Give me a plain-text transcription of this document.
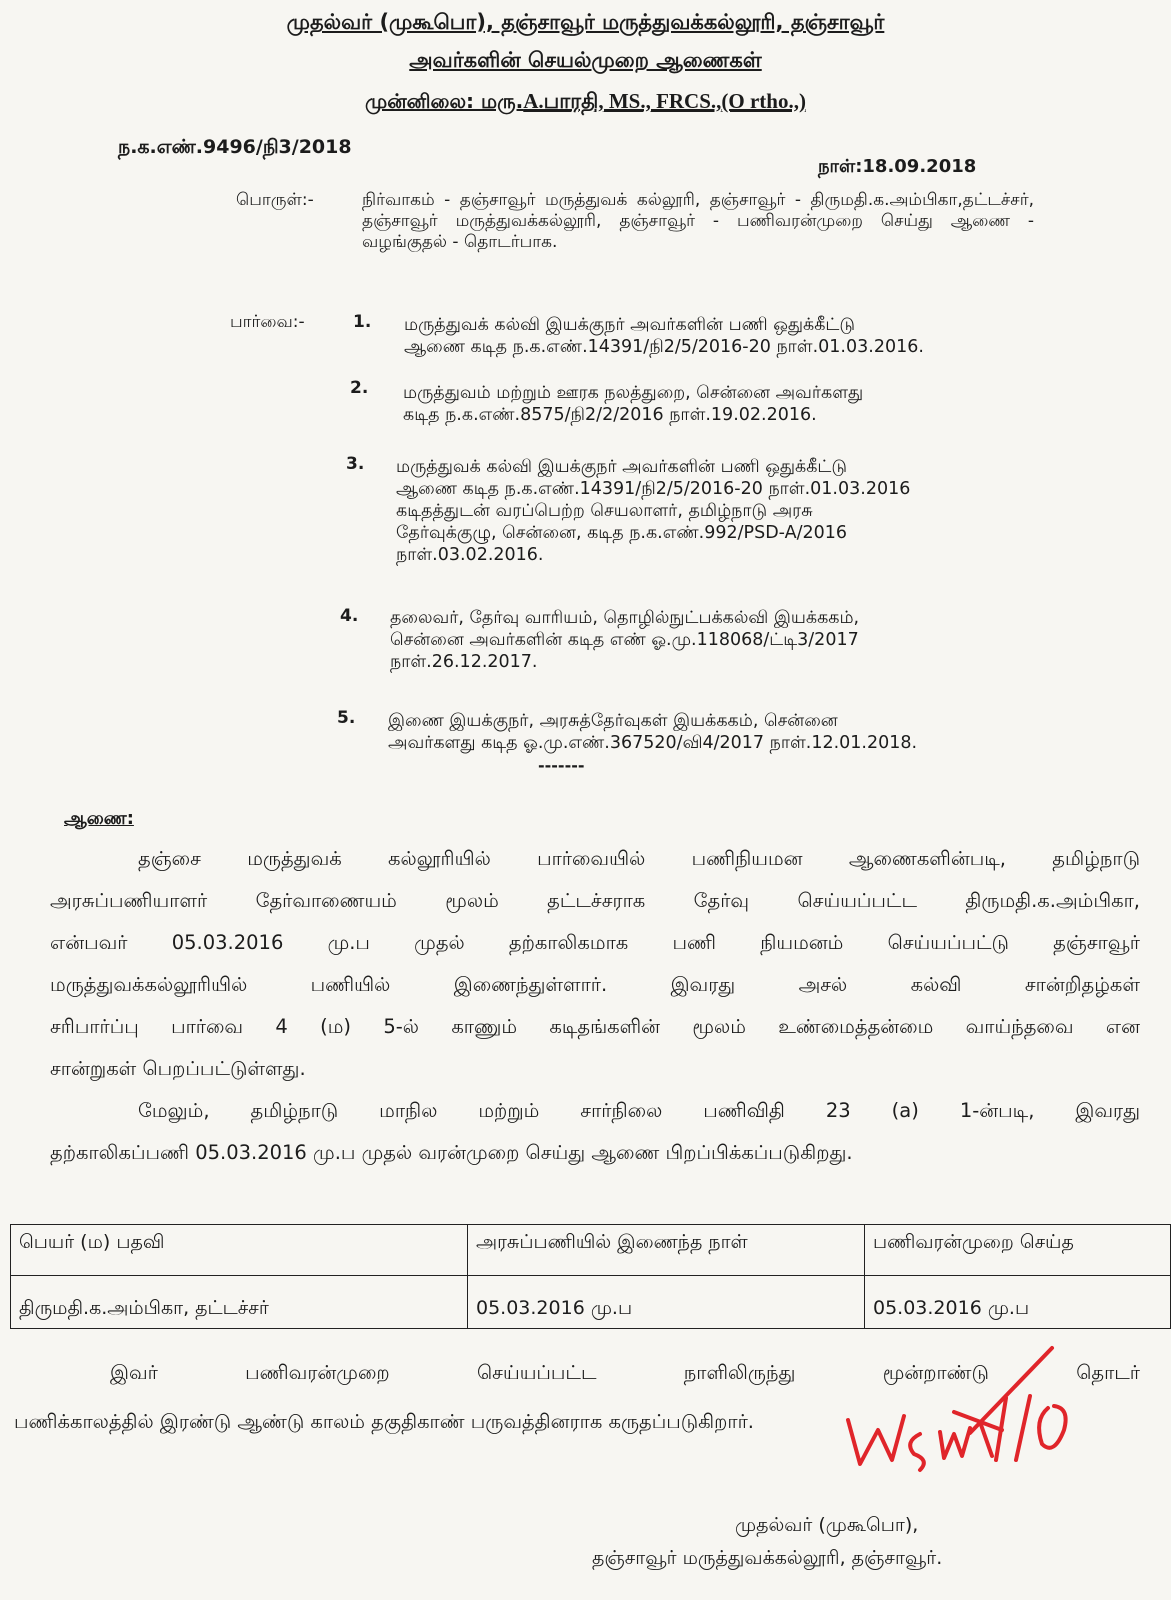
முதல்வர் (முகூபொ), தஞ்சாவூர் மருத்துவக்கல்லூரி, தஞ்சாவூர்
அவர்களின் செயல்முறை ஆணைகள்
முன்னிலை: மரு.A.பாரதி, MS., FRCS.,(O rtho.,)
ந.க.எண்.9496/நி3/2018
நாள்:18.09.2018
பொருள்:-	நிர்வாகம் - தஞ்சாவூர் மருத்துவக் கல்லூரி, தஞ்சாவூர் - திருமதி.க.அம்பிகா,தட்டச்சர், தஞ்சாவூர் மருத்துவக்கல்லூரி, தஞ்சாவூர் - பணிவரன்முறை செய்து ஆணை - வழங்குதல் - தொடர்பாக.
பார்வை:-	1. மருத்துவக் கல்வி இயக்குநர் அவர்களின் பணி ஒதுக்கீட்டு
ஆணை கடித ந.க.எண்.14391/நி2/5/2016-20 நாள்.01.03.2016.
2. மருத்துவம் மற்றும் ஊரக நலத்துறை, சென்னை அவர்களது
கடித ந.க.எண்.8575/நி2/2/2016 நாள்.19.02.2016.
3. மருத்துவக் கல்வி இயக்குநர் அவர்களின் பணி ஒதுக்கீட்டு
ஆணை கடித ந.க.எண்.14391/நி2/5/2016-20 நாள்.01.03.2016
கடிதத்துடன் வரப்பெற்ற செயலாளர், தமிழ்நாடு அரசு
தேர்வுக்குழு, சென்னை, கடித ந.க.எண்.992/PSD-A/2016
நாள்.03.02.2016.
4. தலைவர், தேர்வு வாரியம், தொழில்நுட்பக்கல்வி இயக்ககம்,
சென்னை அவர்களின் கடித எண் ஓ.மு.118068/ட்டி3/2017
நாள்.26.12.2017.
5. இணை இயக்குநர், அரசுத்தேர்வுகள் இயக்ககம், சென்னை
அவர்களது கடித ஓ.மு.எண்.367520/வி4/2017 நாள்.12.01.2018.
-------
ஆணை:

தஞ்சை மருத்துவக் கல்லூரியில் பார்வையில் பணிநியமன ஆணைகளின்படி, தமிழ்நாடு

அரசுப்பணியாளர் தேர்வாணையம் மூலம் தட்டச்சராக தேர்வு செய்யப்பட்ட திருமதி.க.அம்பிகா,

என்பவர் 05.03.2016 மு.ப முதல் தற்காலிகமாக பணி நியமனம் செய்யப்பட்டு தஞ்சாவூர்

மருத்துவக்கல்லூரியில் பணியில் இணைந்துள்ளார். இவரது அசல் கல்வி சான்றிதழ்கள்

சரிபார்ப்பு பார்வை 4 (ம) 5-ல் காணும் கடிதங்களின் மூலம் உண்மைத்தன்மை வாய்ந்தவை என

சான்றுகள் பெறப்பட்டுள்ளது.

மேலும், தமிழ்நாடு மாநில மற்றும் சார்நிலை பணிவிதி 23 (a) 1-ன்படி, இவரது

தற்காலிகப்பணி 05.03.2016 மு.ப முதல் வரன்முறை செய்து ஆணை பிறப்பிக்கப்படுகிறது.

பெயர் (ம) பதவி	அரசுப்பணியில் இணைந்த நாள்	பணிவரன்முறை செய்த
திருமதி.க.அம்பிகா, தட்டச்சர்	05.03.2016 மு.ப	05.03.2016 மு.ப
இவர் பணிவரன்முறை செய்யப்பட்ட நாளிலிருந்து மூன்றாண்டு தொடர்
பணிக்காலத்தில் இரண்டு ஆண்டு காலம் தகுதிகாண் பருவத்தினராக கருதப்படுகிறார்.
முதல்வர் (முகூபொ),
தஞ்சாவூர் மருத்துவக்கல்லூரி, தஞ்சாவூர்.
